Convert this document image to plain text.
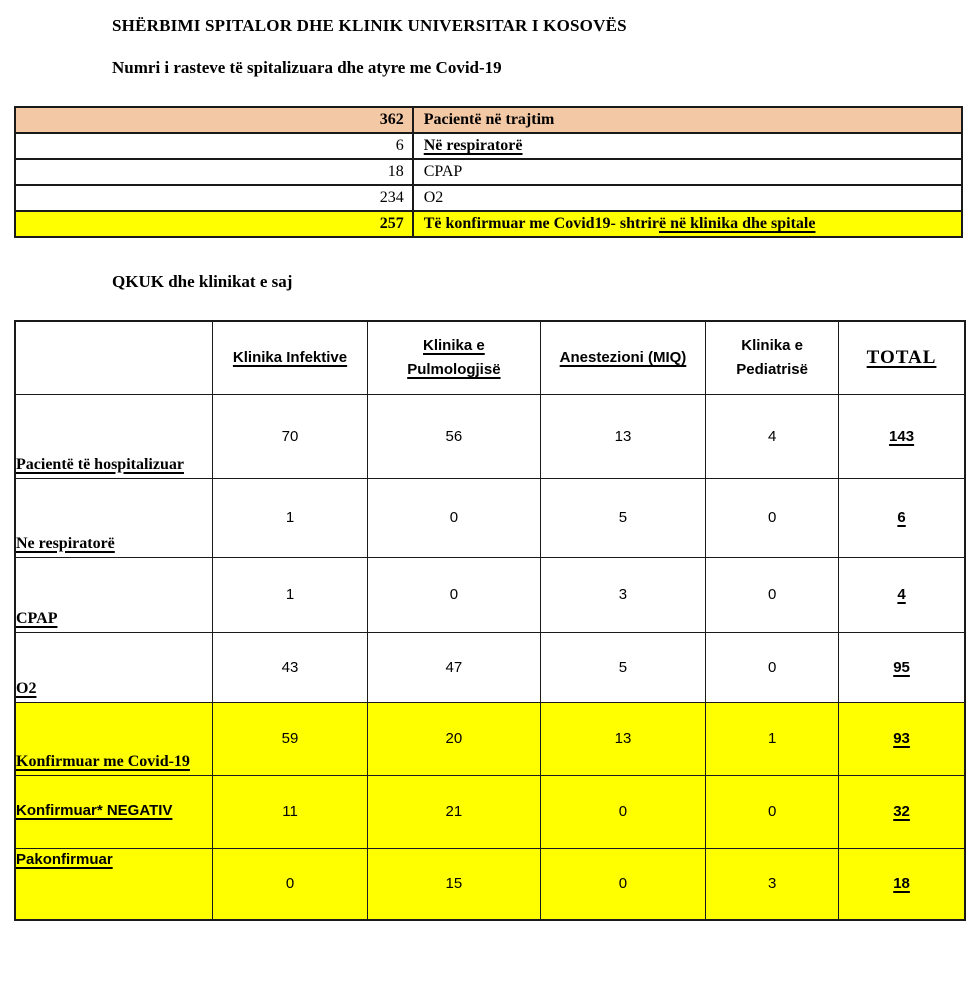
SHËRBIMI SPITALOR DHE KLINIK UNIVERSITAR I KOSOVËS
Numri i rasteve të spitalizuara dhe atyre me Covid-19
362	Pacientë në trajtim
6	Në respiratorë
18	CPAP
234	O2
257	Të konfirmuar me Covid19- shtrirë në klinika dhe spitale
QKUK dhe klinikat e saj
	Klinika Infektive	Klinika e Pulmologjisë	Anestezioni (MIQ)	Klinika e Pediatrisë	TOTAL
Pacientë të hospitalizuar	70	56	13	4	143
Ne respiratorë	1	0	5	0	6
CPAP	1	0	3	0	4
O2	43	47	5	0	95
Konfirmuar me Covid-19	59	20	13	1	93
Konfirmuar* NEGATIV	11	21	0	0	32
Pakonfirmuar	0	15	0	3	18
